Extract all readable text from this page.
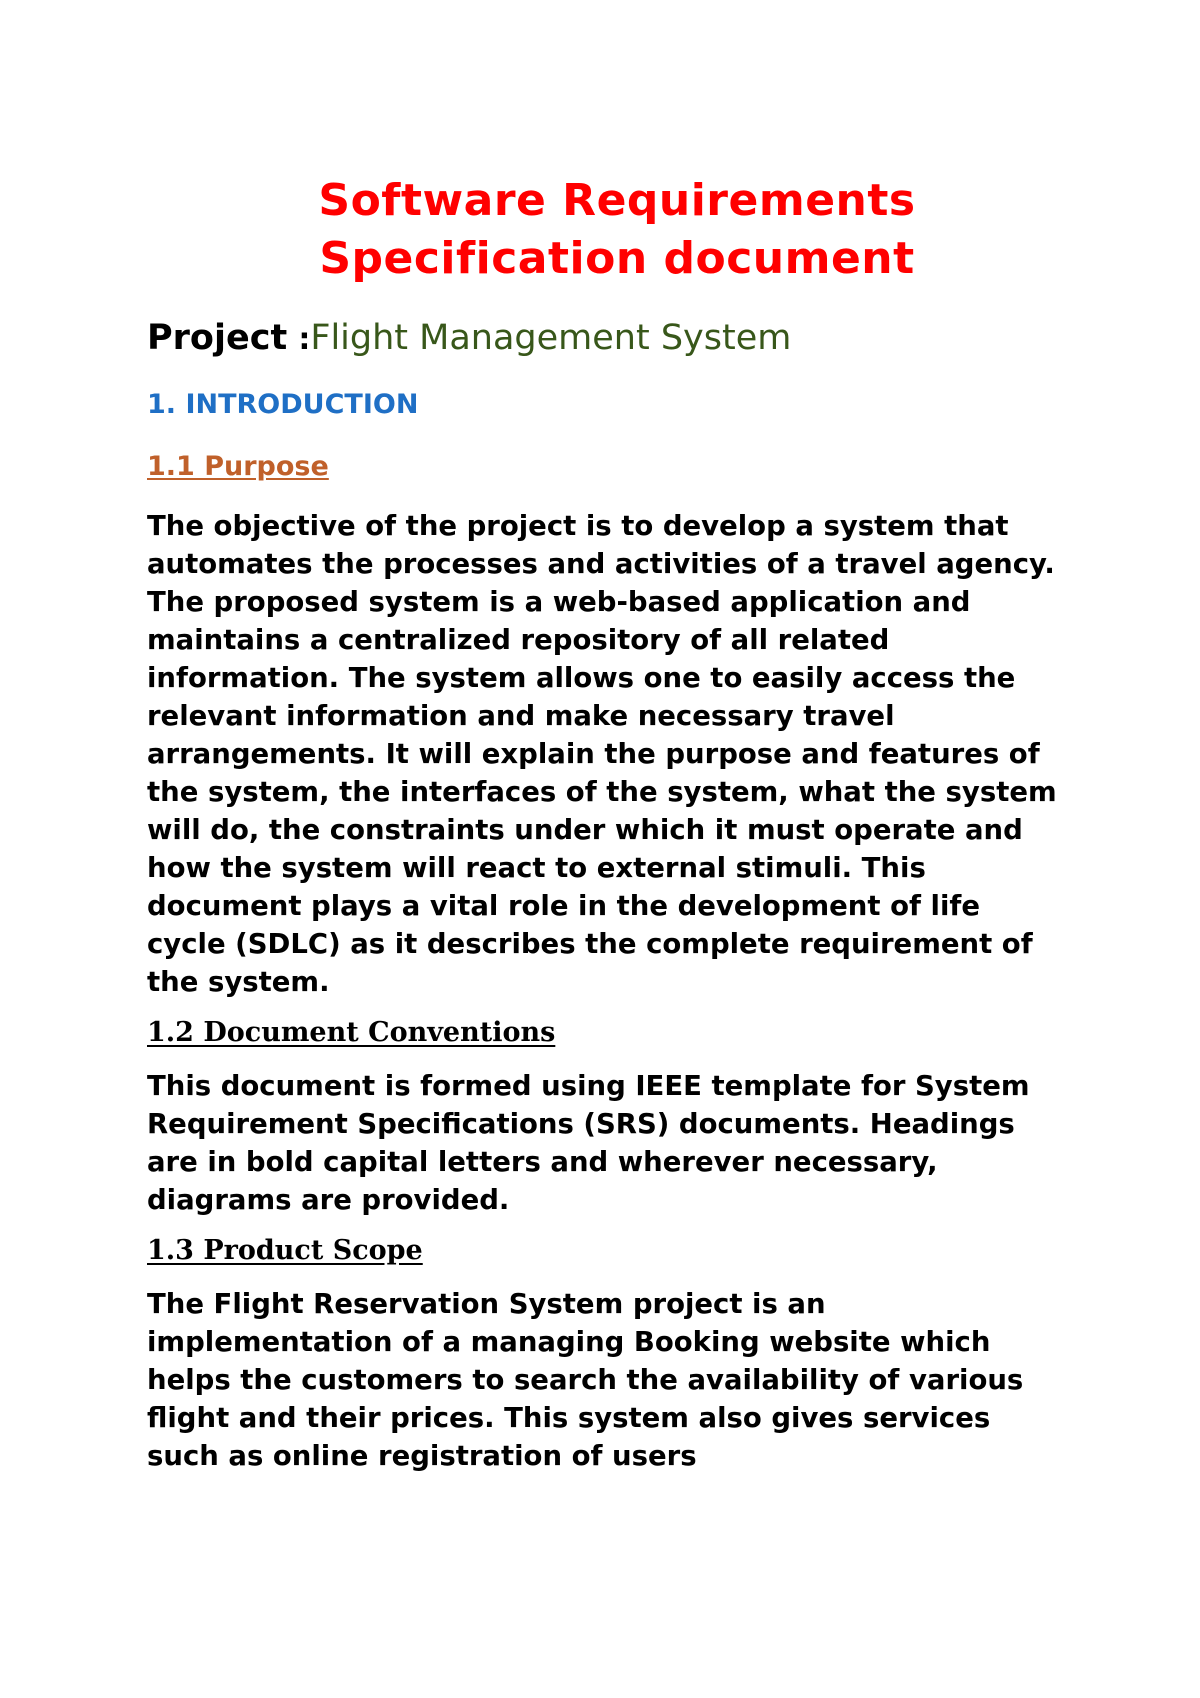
Software Requirements
Specification document
Project :Flight Management System
1. INTRODUCTION
1.1 Purpose

The objective of the project is to develop a system that automates the processes and activities of a travel agency. The proposed system is a web-based application and maintains a centralized repository of all related information. The system allows one to easily access the relevant information and make necessary travel arrangements. It will explain the purpose and features of the system, the interfaces of the system, what the system will do, the constraints under which it must operate and how the system will react to external stimuli. This document plays a vital role in the development of life cycle (SDLC) as it describes the complete requirement of the system.

1.2 Document Conventions

This document is formed using IEEE template for System Requirement Specifications (SRS) documents. Headings are in bold capital letters and wherever necessary, diagrams are provided.

1.3 Product Scope

The Flight Reservation System project is an implementation of a managing Booking website which helps the customers to search the availability of various flight and their prices. This system also gives services such as online registration of users
